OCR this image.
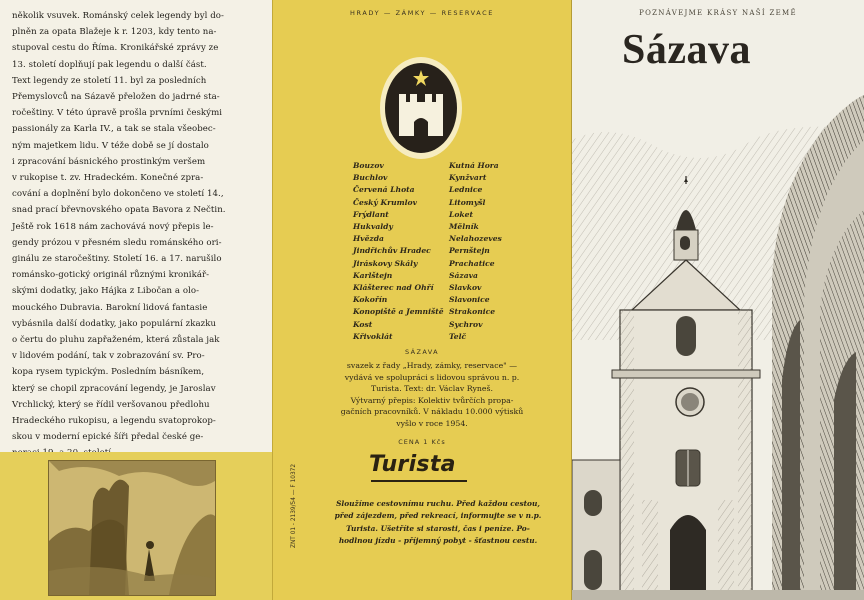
několik vsuvek. Románský celek legendy byl do-
plněn za opata Blažeje k r. 1203, kdy tento na-
stupoval cestu do Říma. Kronikářské zprávy ze
13. století doplňují pak legendu o další část.
Text legendy ze století 11. byl za posledních
Přemyslovců na Sázavě přeložen do jadrné sta-
ročeštiny. V této úpravě prošla prvními českými
passionály za Karla IV., a tak se stala všeobec-
ným majetkem lidu. V téže době se jí dostalo
i zpracování básnického prostinkým veršem
v rukopise t. zv. Hradeckém. Konečné zpra-
cování a doplnění bylo dokončeno ve století 14.,
snad prací břevnovského opata Bavora z Nečtin.
Ještě rok 1618 nám zachovává nový přepis le-
gendy prózou v přesném sledu románského ori-
ginálu ze staročeštiny. Století 16. a 17. narušilo
románsko-gotický originál různými kronikář-
skými dodatky, jako Hájka z Libočan a olo-
mouckého Dubravia. Barokní lidová fantasie
vybásnila další dodatky, jako populární zkazku
o čertu do pluhu zapřaženém, která zůstala jak
v lidovém podání, tak v zobrazování sv. Pro-
kopa rysem typickým. Posledním básníkem,
který se chopil zpracování legendy, je Jaroslav
Vrchlický, který se řídil veršovanou předlohu
Hradeckého rukopisu, a legendu svatoprokop-
skou v moderní epické šíři předal české ge-
HRADY — ZÁMKY — RESERVACE
Bouzov
Buchlov
Červená Lhota
Český Krumlov
Frýdlant
Hukvaldy
Hvězda
Jindřichův Hradec
Jiráskovy Skály
Karlštejn
Klášterec nad Ohří
Kokořín
Konopiště a Jemniště
Kost
Křivoklát
Kutná Hora
Kynžvart
Lednice
Litomyšl
Loket
Mělník
Nelahozeves
Pernštejn
Prachatice
Sázava
Slavkov
Slavonice
Strakonice
Sychrov
Telč
SÁZAVA
svazek z řady „Hrady, zámky, reservace" —
vydává ve spolupráci s lidovou správou n. p.
Turista. Text: dr. Václav Ryneš.
Výtvarný přepis: Kolektiv tvůrčích propa-
gačních pracovníků. V nákladu 10.000 výtisků
vyšlo v roce 1954.
CENA 1 Kčs
Turista
ZNT 01 - 2139/54 — F 10372	Sloužíme cestovnímu ruchu. Před každou cestou,
před zájezdem, před rekreací, informujte se v n.p.
Turista. Ušetříte si starosti, čas i peníze. Po-
hodlnou jízdu - příjemný pobyt - šťastnou cestu.
POZNÁVEJME KRÁSY NAŠÍ ZEMĚ
Sázava
